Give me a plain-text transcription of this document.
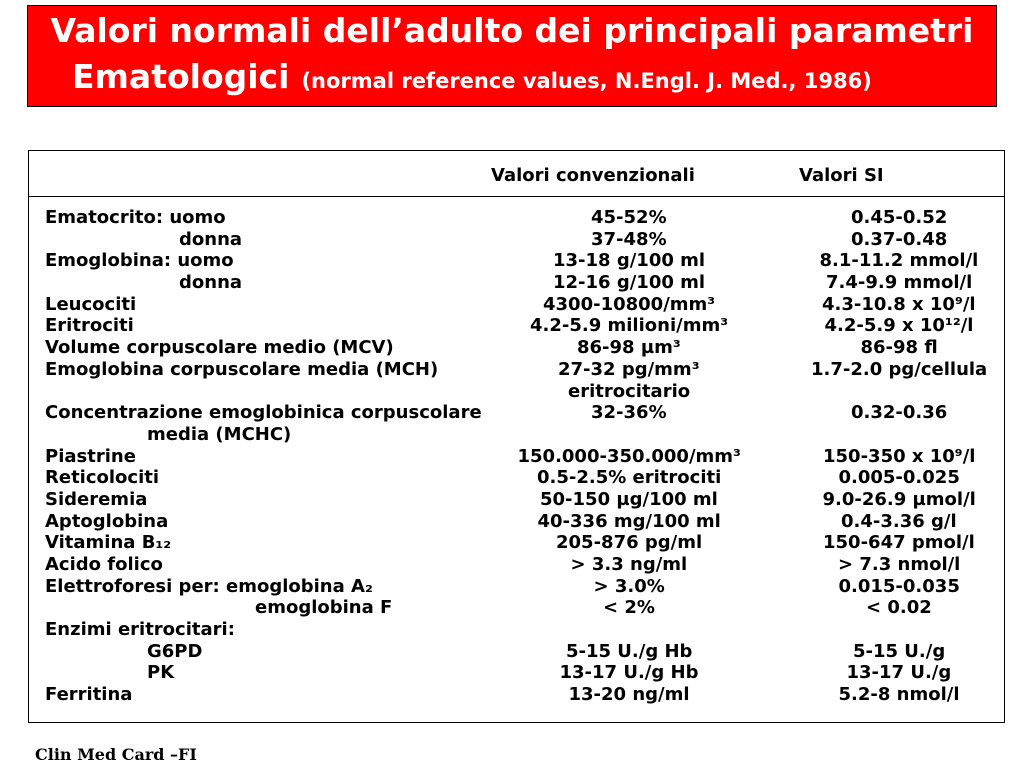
Valori normali dell’adulto dei principali parametri
Ematologici (normal reference values, N.Engl. J. Med., 1986)
Valori convenzionali	Valori SI
Ematocrito: uomo	45-52%	0.45-0.52
donna	37-48%	0.37-0.48
Emoglobina: uomo	13-18 g/100 ml	8.1-11.2 mmol/l
donna	12-16 g/100 ml	7.4-9.9 mmol/l
Leucociti	4300-10800/mm³	4.3-10.8 x 10⁹/l
Eritrociti	4.2-5.9 milioni/mm³	4.2-5.9 x 10¹²/l
Volume corpuscolare medio (MCV)	86-98 µm³	86-98 fl
Emoglobina corpuscolare media (MCH)	27-32 pg/mm³	1.7-2.0 pg/cellula
eritrocitario
Concentrazione emoglobinica corpuscolare	32-36%	0.32-0.36
media (MCHC)
Piastrine	150.000-350.000/mm³	150-350 x 10⁹/l
Reticolociti	0.5-2.5% eritrociti	0.005-0.025
Sideremia	50-150 µg/100 ml	9.0-26.9 µmol/l
Aptoglobina	40-336 mg/100 ml	0.4-3.36 g/l
Vitamina B₁₂	205-876 pg/ml	150-647 pmol/l
Acido folico	> 3.3 ng/ml	> 7.3 nmol/l
Elettroforesi per: emoglobina A₂	> 3.0%	0.015-0.035
emoglobina F	< 2%	< 0.02
Enzimi eritrocitari:
G6PD	5-15 U./g Hb	5-15 U./g
PK	13-17 U./g Hb	13-17 U./g
Ferritina	13-20 ng/ml	5.2-8 nmol/l
Clin Med Card –FI
